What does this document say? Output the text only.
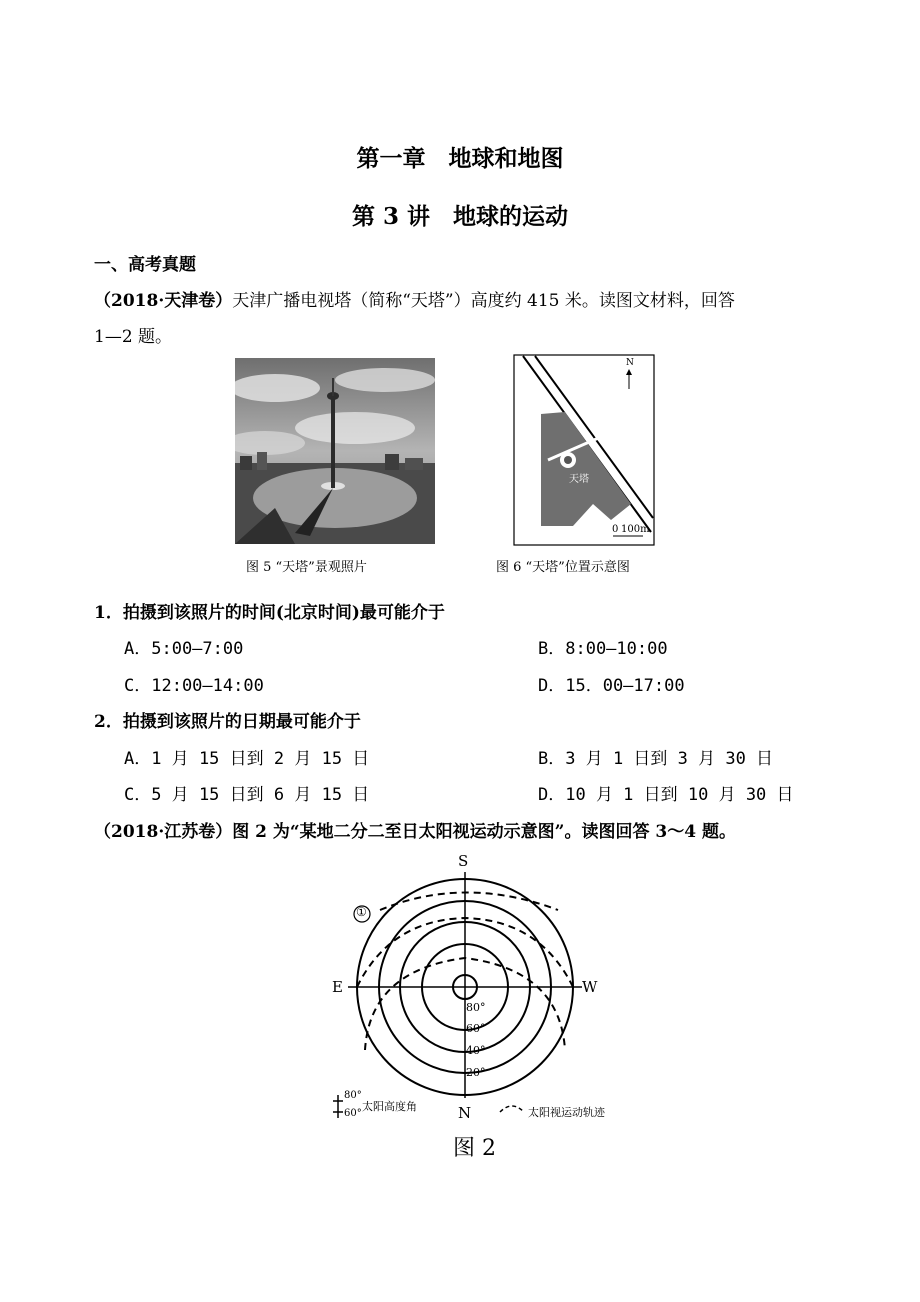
第一章　地球和地图
第 3 讲　地球的运动
一、高考真题
（2018·天津卷）天津广播电视塔（简称“天塔”）高度约 415 米。读图文材料，回答
1—2 题。
图 5 “天塔”景观照片
N
天塔
0 100m
图 6 “天塔”位置示意图
1．拍摄到该照片的时间(北京时间)最可能介于
A．5:00—7:00	B．8:00—10:00
C．12:00—14:00	D．15．00—17:00
2．拍摄到该照片的日期最可能介于
A．1 月 15 日到 2 月 15 日	B．3 月 1 日到 3 月 30 日
C．5 月 15 日到 6 月 15 日	D．10 月 1 日到 10 月 30 日
（2018·江苏卷）图 2 为“某地二分二至日太阳视运动示意图”。读图回答 3～4 题。
S
N
E	W
①
80°
60°
40°
20°
80°
60°
太阳高度角	太阳视运动轨迹
图 2
